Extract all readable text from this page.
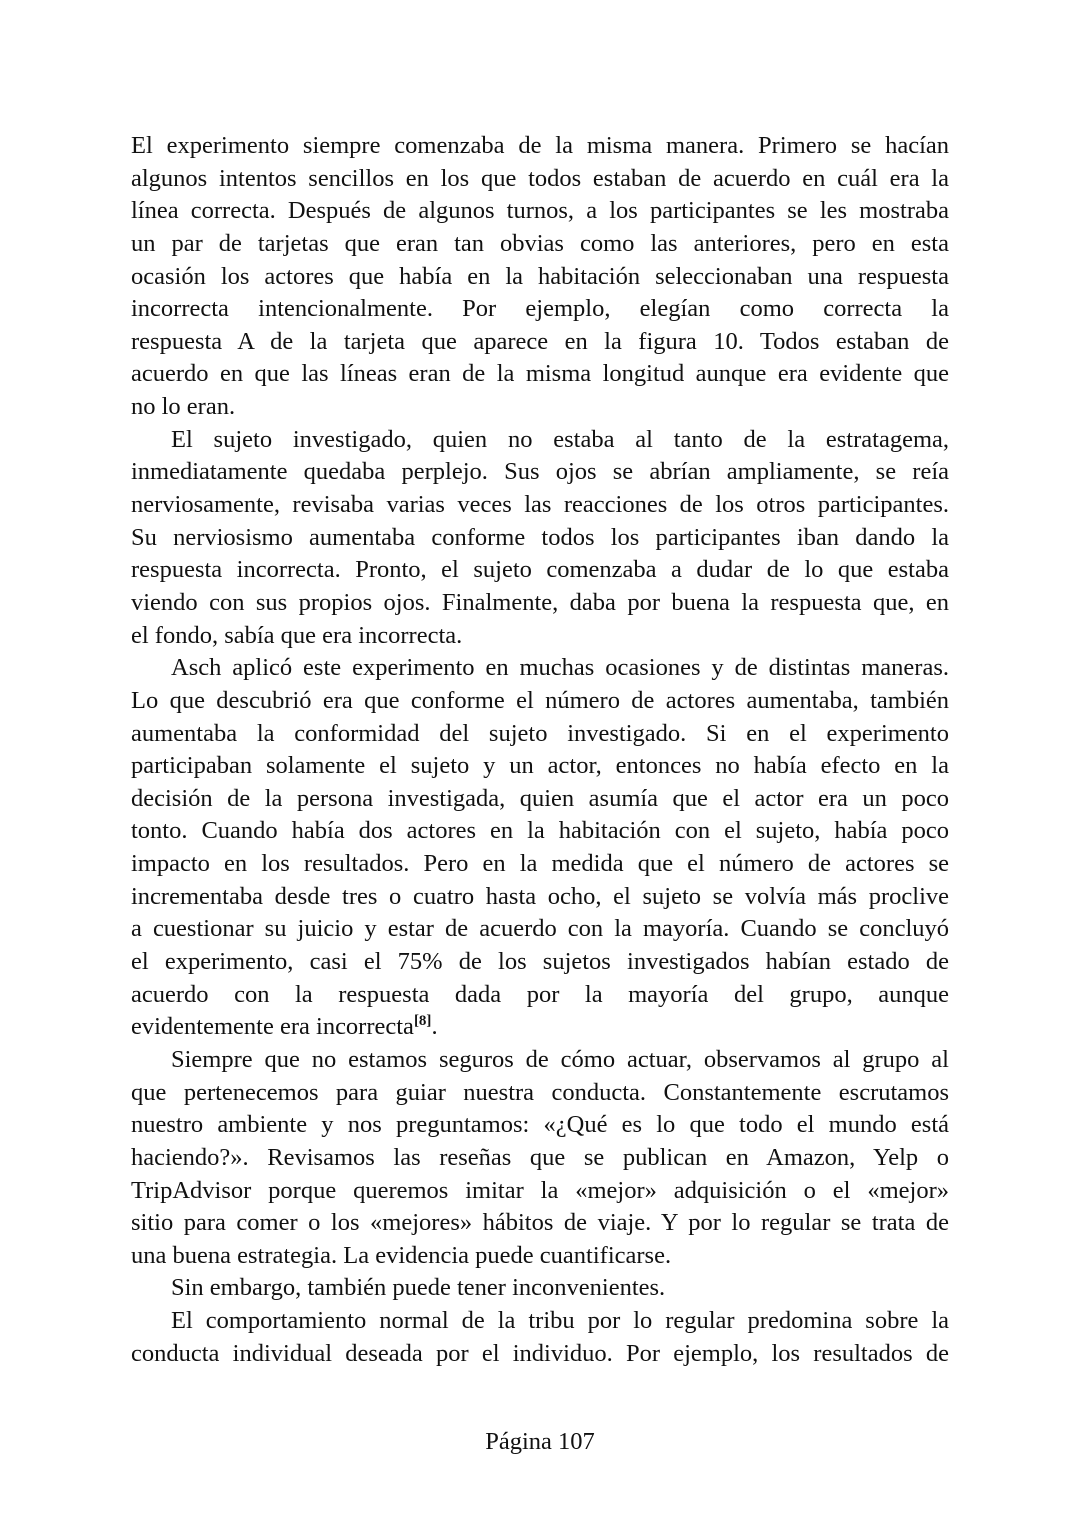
El experimento siempre comenzaba de la misma manera. Primero se hacían
algunos intentos sencillos en los que todos estaban de acuerdo en cuál era la
línea correcta. Después de algunos turnos, a los participantes se les mostraba
un par de tarjetas que eran tan obvias como las anteriores, pero en esta
ocasión los actores que había en la habitación seleccionaban una respuesta
incorrecta intencionalmente. Por ejemplo, elegían como correcta la
respuesta A de la tarjeta que aparece en la figura 10. Todos estaban de
acuerdo en que las líneas eran de la misma longitud aunque era evidente que
no lo eran.
El sujeto investigado, quien no estaba al tanto de la estratagema,
inmediatamente quedaba perplejo. Sus ojos se abrían ampliamente, se reía
nerviosamente, revisaba varias veces las reacciones de los otros participantes.
Su nerviosismo aumentaba conforme todos los participantes iban dando la
respuesta incorrecta. Pronto, el sujeto comenzaba a dudar de lo que estaba
viendo con sus propios ojos. Finalmente, daba por buena la respuesta que, en
el fondo, sabía que era incorrecta.
Asch aplicó este experimento en muchas ocasiones y de distintas maneras.
Lo que descubrió era que conforme el número de actores aumentaba, también
aumentaba la conformidad del sujeto investigado. Si en el experimento
participaban solamente el sujeto y un actor, entonces no había efecto en la
decisión de la persona investigada, quien asumía que el actor era un poco
tonto. Cuando había dos actores en la habitación con el sujeto, había poco
impacto en los resultados. Pero en la medida que el número de actores se
incrementaba desde tres o cuatro hasta ocho, el sujeto se volvía más proclive
a cuestionar su juicio y estar de acuerdo con la mayoría. Cuando se concluyó
el experimento, casi el 75% de los sujetos investigados habían estado de
acuerdo con la respuesta dada por la mayoría del grupo, aunque
evidentemente era incorrecta[8].
Siempre que no estamos seguros de cómo actuar, observamos al grupo al
que pertenecemos para guiar nuestra conducta. Constantemente escrutamos
nuestro ambiente y nos preguntamos: «¿Qué es lo que todo el mundo está
haciendo?». Revisamos las reseñas que se publican en Amazon, Yelp o
TripAdvisor porque queremos imitar la «mejor» adquisición o el «mejor»
sitio para comer o los «mejores» hábitos de viaje. Y por lo regular se trata de
una buena estrategia. La evidencia puede cuantificarse.
Sin embargo, también puede tener inconvenientes.
El comportamiento normal de la tribu por lo regular predomina sobre la
conducta individual deseada por el individuo. Por ejemplo, los resultados de
Página 107
